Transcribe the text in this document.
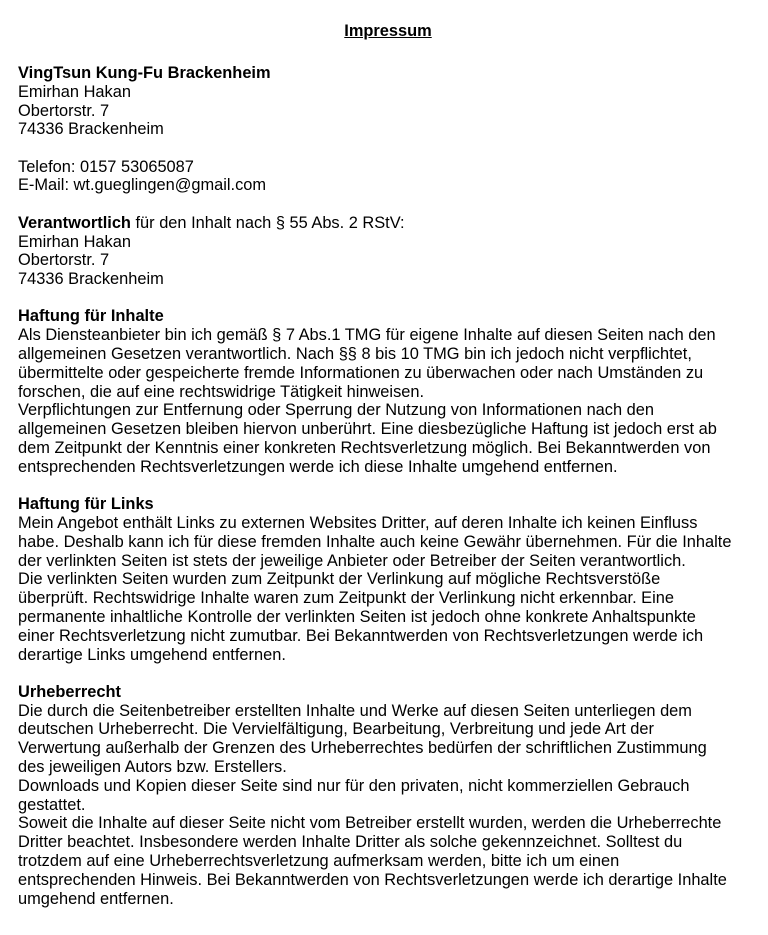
Impressum
VingTsun Kung-Fu Brackenheim
Emirhan Hakan
Obertorstr. 7
74336 Brackenheim
Telefon: 0157 53065087
E-Mail: wt.gueglingen@gmail.com
Verantwortlich für den Inhalt nach § 55 Abs. 2 RStV:
Emirhan Hakan
Obertorstr. 7
74336 Brackenheim
Haftung für Inhalte
Als Diensteanbieter bin ich gemäß § 7 Abs.1 TMG für eigene Inhalte auf diesen Seiten nach den
allgemeinen Gesetzen verantwortlich. Nach §§ 8 bis 10 TMG bin ich jedoch nicht verpflichtet,
übermittelte oder gespeicherte fremde Informationen zu überwachen oder nach Umständen zu
forschen, die auf eine rechtswidrige Tätigkeit hinweisen.
Verpflichtungen zur Entfernung oder Sperrung der Nutzung von Informationen nach den
allgemeinen Gesetzen bleiben hiervon unberührt. Eine diesbezügliche Haftung ist jedoch erst ab
dem Zeitpunkt der Kenntnis einer konkreten Rechtsverletzung möglich. Bei Bekanntwerden von
entsprechenden Rechtsverletzungen werde ich diese Inhalte umgehend entfernen.
Haftung für Links
Mein Angebot enthält Links zu externen Websites Dritter, auf deren Inhalte ich keinen Einfluss
habe. Deshalb kann ich für diese fremden Inhalte auch keine Gewähr übernehmen. Für die Inhalte
der verlinkten Seiten ist stets der jeweilige Anbieter oder Betreiber der Seiten verantwortlich.
Die verlinkten Seiten wurden zum Zeitpunkt der Verlinkung auf mögliche Rechtsverstöße
überprüft. Rechtswidrige Inhalte waren zum Zeitpunkt der Verlinkung nicht erkennbar. Eine
permanente inhaltliche Kontrolle der verlinkten Seiten ist jedoch ohne konkrete Anhaltspunkte
einer Rechtsverletzung nicht zumutbar. Bei Bekanntwerden von Rechtsverletzungen werde ich
derartige Links umgehend entfernen.
Urheberrecht
Die durch die Seitenbetreiber erstellten Inhalte und Werke auf diesen Seiten unterliegen dem
deutschen Urheberrecht. Die Vervielfältigung, Bearbeitung, Verbreitung und jede Art der
Verwertung außerhalb der Grenzen des Urheberrechtes bedürfen der schriftlichen Zustimmung
des jeweiligen Autors bzw. Erstellers.
Downloads und Kopien dieser Seite sind nur für den privaten, nicht kommerziellen Gebrauch
gestattet.
Soweit die Inhalte auf dieser Seite nicht vom Betreiber erstellt wurden, werden die Urheberrechte
Dritter beachtet. Insbesondere werden Inhalte Dritter als solche gekennzeichnet. Solltest du
trotzdem auf eine Urheberrechtsverletzung aufmerksam werden, bitte ich um einen
entsprechenden Hinweis. Bei Bekanntwerden von Rechtsverletzungen werde ich derartige Inhalte
umgehend entfernen.
